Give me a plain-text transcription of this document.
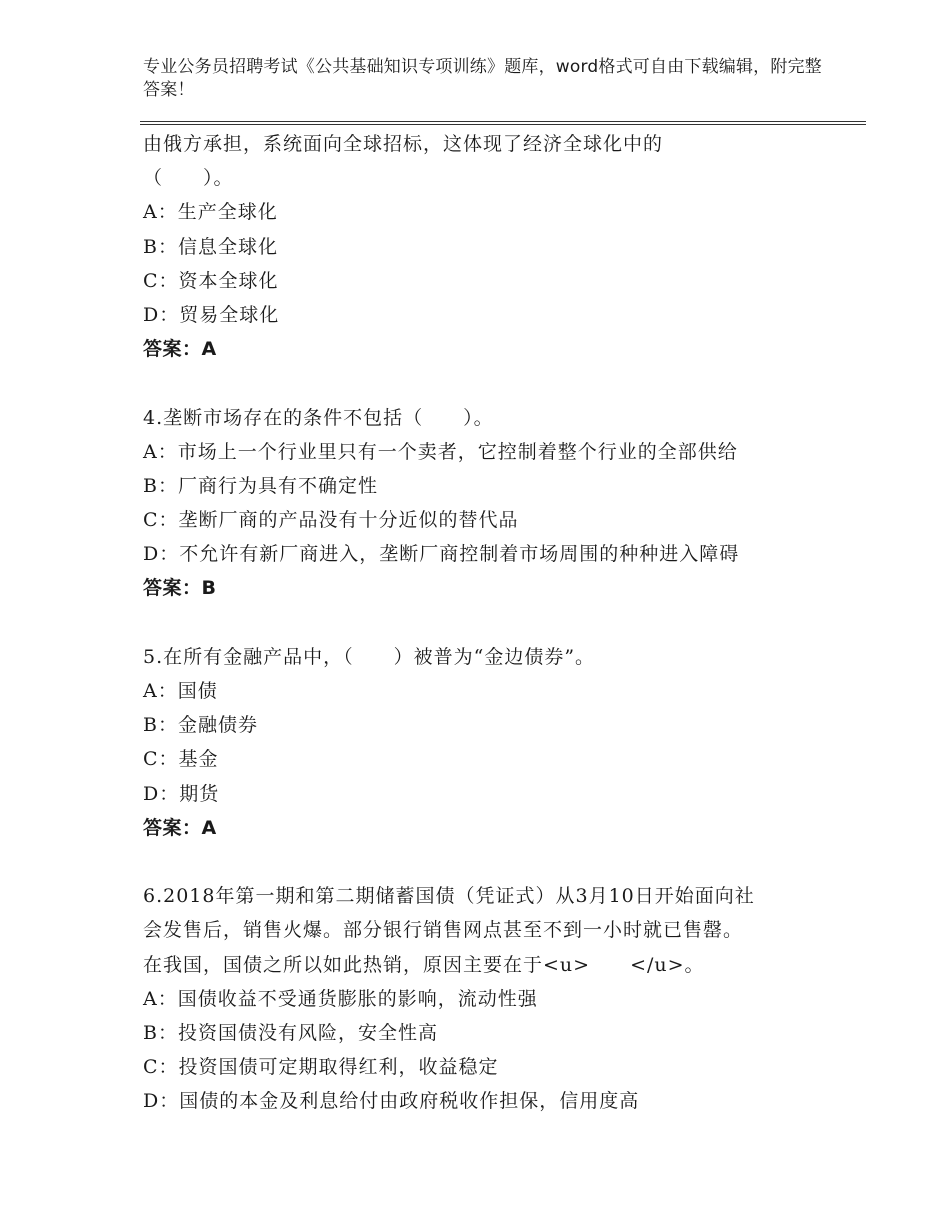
专业公务员招聘考试《公共基础知识专项训练》题库，word格式可自由下载编辑，附完整答案！
由俄方承担，系统面向全球招标，这体现了经济全球化中的
（　　）。
A：生产全球化
B：信息全球化
C：资本全球化
D：贸易全球化
答案：A
4.垄断市场存在的条件不包括（　　）。
A：市场上一个行业里只有一个卖者，它控制着整个行业的全部供给
B：厂商行为具有不确定性
C：垄断厂商的产品没有十分近似的替代品
D：不允许有新厂商进入，垄断厂商控制着市场周围的种种进入障碍
答案：B
5.在所有金融产品中，（　　）被普为“金边债券”。
A：国债
B：金融债券
C：基金
D：期货
答案：A
6.2018年第一期和第二期储蓄国债（凭证式）从3月10日开始面向社
会发售后，销售火爆。部分银行销售网点甚至不到一小时就已售罄。
在我国，国债之所以如此热销，原因主要在于<u>　　</u>。
A：国债收益不受通货膨胀的影响，流动性强
B：投资国债没有风险，安全性高
C：投资国债可定期取得红利，收益稳定
D：国债的本金及利息给付由政府税收作担保，信用度高
